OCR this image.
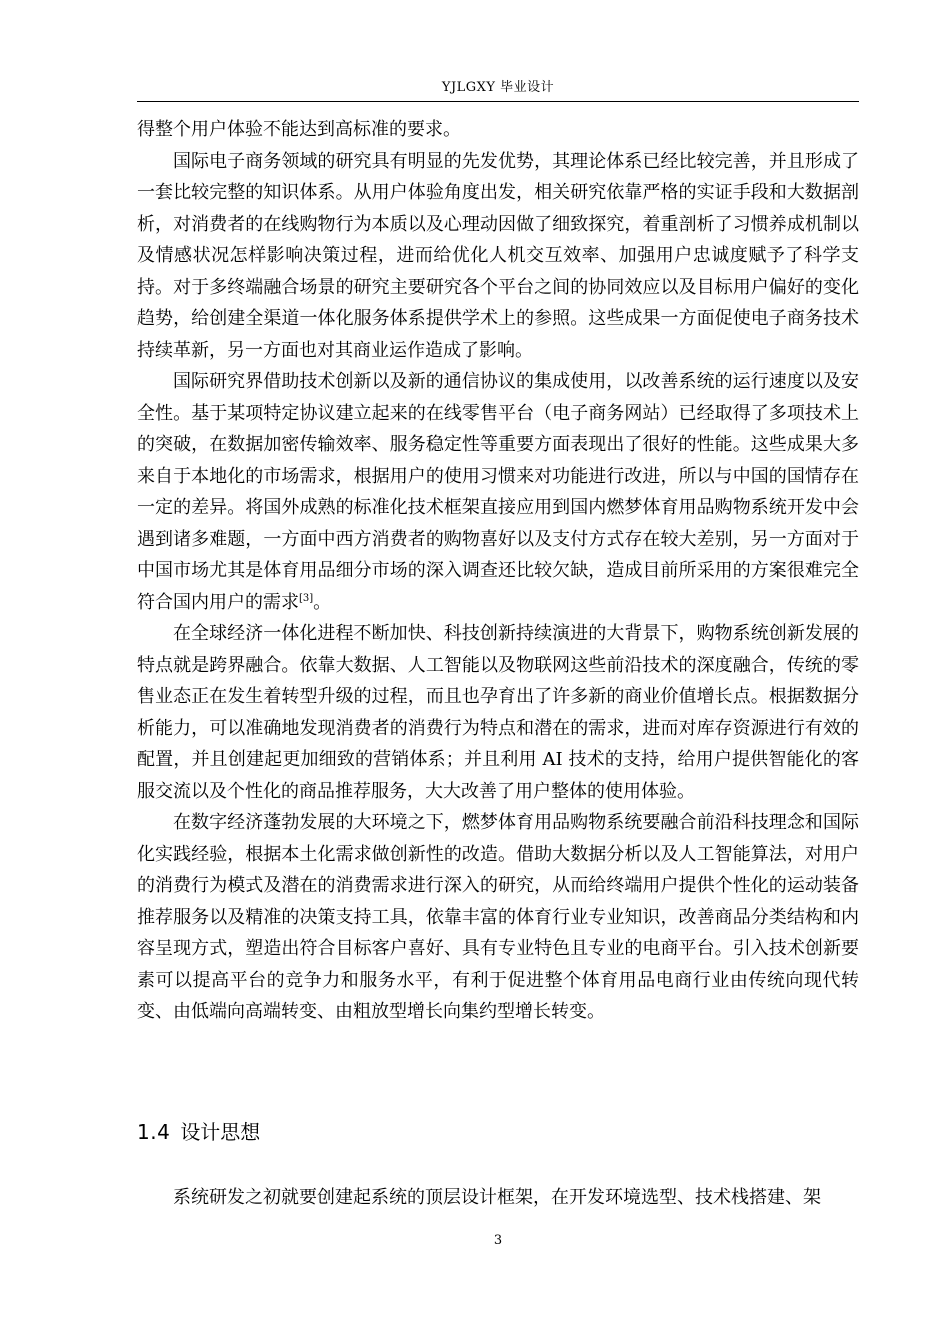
YJLGXY 毕业设计

得整个用户体验不能达到高标准的要求。

国际电子商务领域的研究具有明显的先发优势，其理论体系已经比较完善，并且形成了一套比较完整的知识体系。从用户体验角度出发，相关研究依靠严格的实证手段和大数据剖析，对消费者的在线购物行为本质以及心理动因做了细致探究，着重剖析了习惯养成机制以及情感状况怎样影响决策过程，进而给优化人机交互效率、加强用户忠诚度赋予了科学支持。对于多终端融合场景的研究主要研究各个平台之间的协同效应以及目标用户偏好的变化趋势，给创建全渠道一体化服务体系提供学术上的参照。这些成果一方面促使电子商务技术持续革新，另一方面也对其商业运作造成了影响。

国际研究界借助技术创新以及新的通信协议的集成使用，以改善系统的运行速度以及安全性。基于某项特定协议建立起来的在线零售平台（电子商务网站）已经取得了多项技术上的突破，在数据加密传输效率、服务稳定性等重要方面表现出了很好的性能。这些成果大多来自于本地化的市场需求，根据用户的使用习惯来对功能进行改进，所以与中国的国情存在一定的差异。将国外成熟的标准化技术框架直接应用到国内燃梦体育用品购物系统开发中会遇到诸多难题，一方面中西方消费者的购物喜好以及支付方式存在较大差别，另一方面对于中国市场尤其是体育用品细分市场的深入调查还比较欠缺，造成目前所采用的方案很难完全符合国内用户的需求[3]。

在全球经济一体化进程不断加快、科技创新持续演进的大背景下，购物系统创新发展的特点就是跨界融合。依靠大数据、人工智能以及物联网这些前沿技术的深度融合，传统的零售业态正在发生着转型升级的过程，而且也孕育出了许多新的商业价值增长点。根据数据分析能力，可以准确地发现消费者的消费行为特点和潜在的需求，进而对库存资源进行有效的配置，并且创建起更加细致的营销体系；并且利用 AI 技术的支持，给用户提供智能化的客服交流以及个性化的商品推荐服务，大大改善了用户整体的使用体验。

在数字经济蓬勃发展的大环境之下，燃梦体育用品购物系统要融合前沿科技理念和国际化实践经验，根据本土化需求做创新性的改造。借助大数据分析以及人工智能算法，对用户的消费行为模式及潜在的消费需求进行深入的研究，从而给终端用户提供个性化的运动装备推荐服务以及精准的决策支持工具，依靠丰富的体育行业专业知识，改善商品分类结构和内容呈现方式，塑造出符合目标客户喜好、具有专业特色且专业的电商平台。引入技术创新要素可以提高平台的竞争力和服务水平，有利于促进整个体育用品电商行业由传统向现代转变、由低端向高端转变、由粗放型增长向集约型增长转变。

1.4 设计思想

系统研发之初就要创建起系统的顶层设计框架，在开发环境选型、技术栈搭建、架

3
